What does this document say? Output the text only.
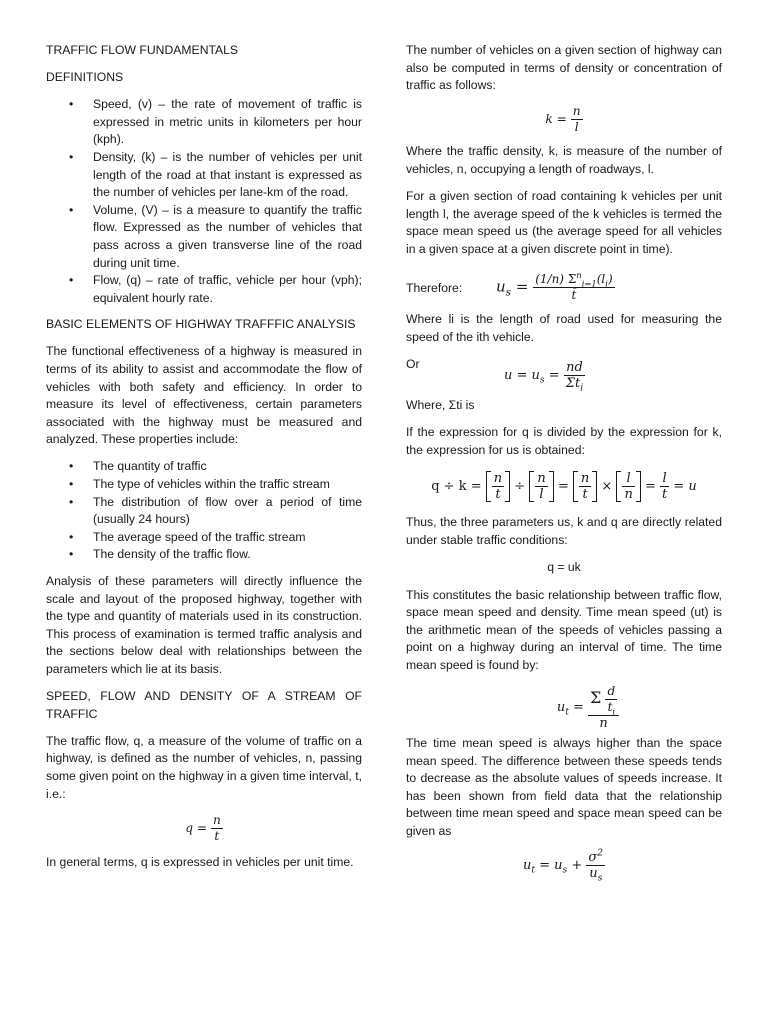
TRAFFIC FLOW FUNDAMENTALS

DEFINITIONS

• Speed, (v) – the rate of movement of traffic is expressed in metric units in kilometers per hour (kph).
• Density, (k) – is the number of vehicles per unit length of the road at that instant is expressed as the number of vehicles per lane-km of the road.
• Volume, (V) – is a measure to quantify the traffic flow. Expressed as the number of vehicles that pass across a given transverse line of the road during unit time.
• Flow, (q) – rate of traffic, vehicle per hour (vph); equivalent hourly rate.

BASIC ELEMENTS OF HIGHWAY TRAFFFIC ANALYSIS

The functional effectiveness of a highway is measured in terms of its ability to assist and accommodate the flow of vehicles with both safety and efficiency. In order to measure its level of effectiveness, certain parameters associated with the highway must be measured and analyzed. These properties include:

• The quantity of traffic
• The type of vehicles within the traffic stream
• The distribution of flow over a period of time (usually 24 hours)
• The average speed of the traffic stream
• The density of the traffic flow.

Analysis of these parameters will directly influence the scale and layout of the proposed highway, together with the type and quantity of materials used in its construction. This process of examination is termed traffic analysis and the sections below deal with relationships between the parameters which lie at its basis.

SPEED, FLOW AND DENSITY OF A STREAM OF TRAFFIC

The traffic flow, q, a measure of the volume of traffic on a highway, is defined as the number of vehicles, n, passing some given point on the highway in a given time interval, t, i.e.:

$q = \frac{n}{t}$

In general terms, q is expressed in vehicles per unit time.

The number of vehicles on a given section of highway can also be computed in terms of density or concentration of traffic as follows:

$k = \frac{n}{l}$

Where the traffic density, k, is measure of the number of vehicles, n, occupying a length of roadways, l.

For a given section of road containing k vehicles per unit length l, the average speed of the k vehicles is termed the space mean speed us (the average speed for all vehicles in a given space at a given discrete point in time).

Therefore:	$u_s = \frac{(1/n) \Sigma^n_{i=1}(l_i)}{t̄}$

Where li is the length of road used for measuring the speed of the ith vehicle.

Or
$u = u_s = \frac{nd}{\Sigma t_i}$

Where, Σti is

If the expression for q is divided by the expression for k, the expression for us is obtained:

$q \div k = \frac{n}{t} \div \frac{n}{l} = \frac{n}{t} \times \frac{l}{n} = \frac{l}{t} = u$

Thus, the three parameters us, k and q are directly related under stable traffic conditions:

q = uk

This constitutes the basic relationship between traffic flow, space mean speed and density. Time mean speed (ut) is the arithmetic mean of the speeds of vehicles passing a point on a highway during an interval of time. The time mean speed is found by:

$u_t = \frac{\Sigma \frac{d}{t_i}}{n}$

The time mean speed is always higher than the space mean speed. The difference between these speeds tends to decrease as the absolute values of speeds increase. It has been shown from field data that the relationship between time mean speed and space mean speed can be given as

$u_t = u_s + \frac{\sigma^2}{u_s}$
